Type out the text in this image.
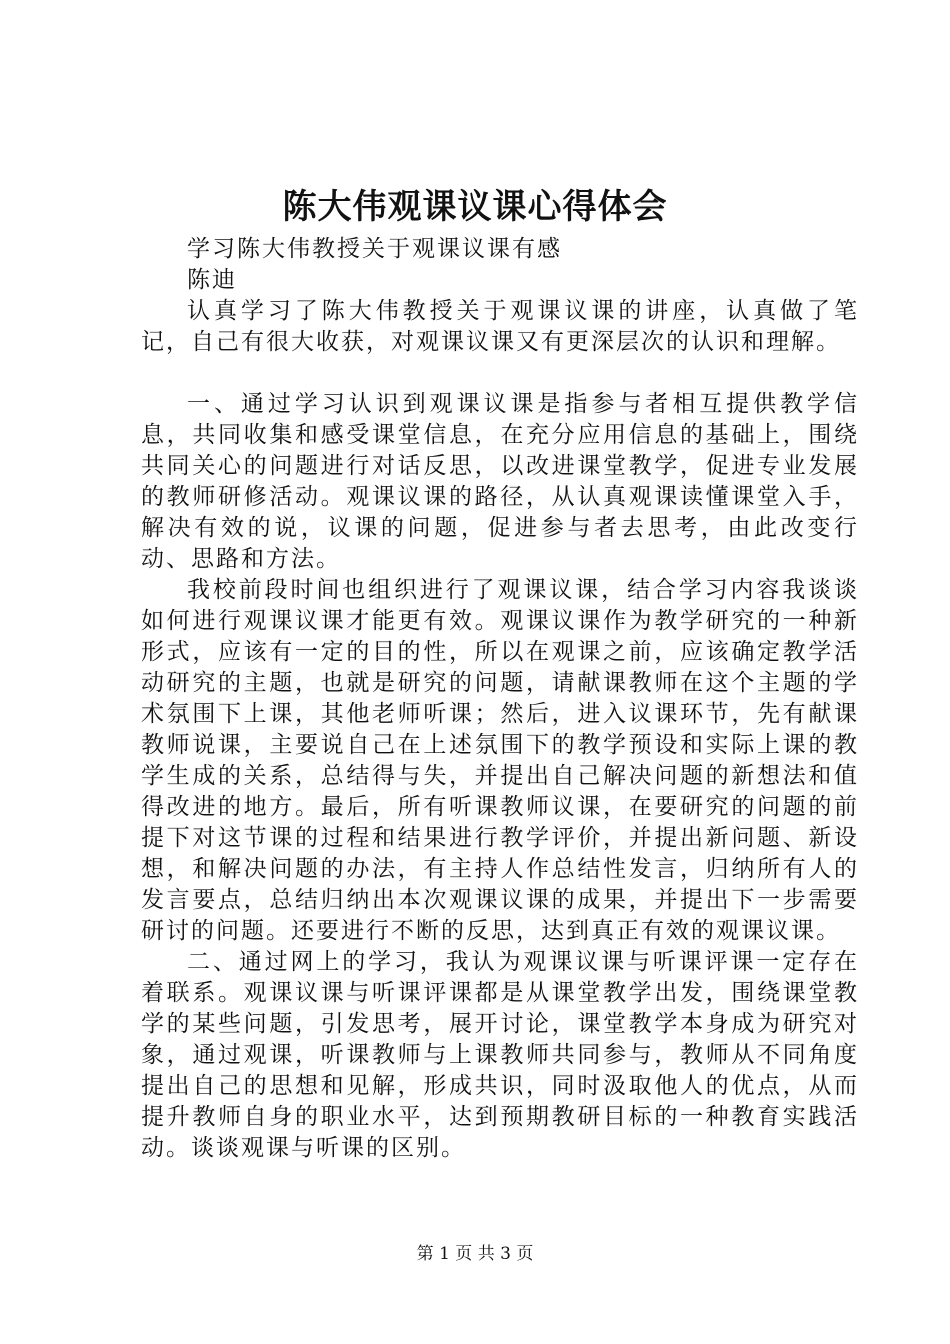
陈大伟观课议课心得体会

学习陈大伟教授关于观课议课有感

陈迪

认真学习了陈大伟教授关于观课议课的讲座，认真做了笔记，自己有很大收获，对观课议课又有更深层次的认识和理解。

一、通过学习认识到观课议课是指参与者相互提供教学信息，共同收集和感受课堂信息，在充分应用信息的基础上，围绕共同关心的问题进行对话反思，以改进课堂教学，促进专业发展的教师研修活动。观课议课的路径，从认真观课读懂课堂入手，解决有效的说，议课的问题，促进参与者去思考，由此改变行动、思路和方法。

我校前段时间也组织进行了观课议课，结合学习内容我谈谈如何进行观课议课才能更有效。观课议课作为教学研究的一种新形式，应该有一定的目的性，所以在观课之前，应该确定教学活动研究的主题，也就是研究的问题，请献课教师在这个主题的学术氛围下上课，其他老师听课；然后，进入议课环节，先有献课教师说课，主要说自己在上述氛围下的教学预设和实际上课的教学生成的关系，总结得与失，并提出自己解决问题的新想法和值得改进的地方。最后，所有听课教师议课，在要研究的问题的前提下对这节课的过程和结果进行教学评价，并提出新问题、新设想，和解决问题的办法，有主持人作总结性发言，归纳所有人的发言要点，总结归纳出本次观课议课的成果，并提出下一步需要研讨的问题。还要进行不断的反思，达到真正有效的观课议课。

二、通过网上的学习，我认为观课议课与听课评课一定存在着联系。观课议课与听课评课都是从课堂教学出发，围绕课堂教学的某些问题，引发思考，展开讨论，课堂教学本身成为研究对象，通过观课，听课教师与上课教师共同参与，教师从不同角度提出自己的思想和见解，形成共识，同时汲取他人的优点，从而提升教师自身的职业水平，达到预期教研目标的一种教育实践活动。谈谈观课与听课的区别。

第 1 页 共 3 页
